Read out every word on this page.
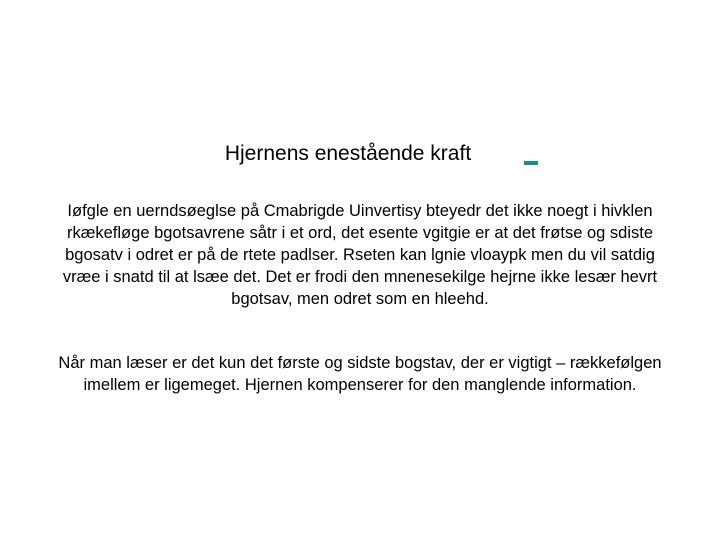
Hjernens enestående kraft

Iøfgle en uerndsøeglse på Cmabrigde Uinvertisy bteyedr det ikke noegt i hivklen rkækefløge bgotsavrene såtr i et ord, det esente vgitgie er at det frøtse og sdiste bgosatv i odret er på de rtete padlser. Rseten kan lgnie vloaypk men du vil satdig vræe i snatd til at lsæe det. Det er frodi den mnenesekilge hejrne ikke lesær hevrt bgotsav, men odret som en hleehd.

Når man læser er det kun det første og sidste bogstav, der er vigtigt – rækkefølgen imellem er ligemeget. Hjernen kompenserer for den manglende information.
